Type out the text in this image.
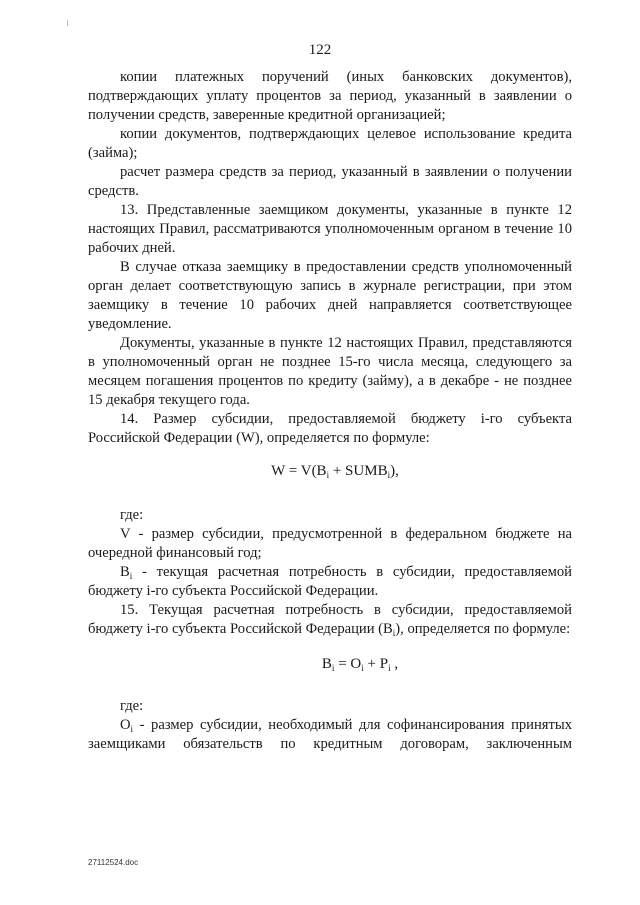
122

копии платежных поручений (иных банковских документов), подтверждающих уплату процентов за период, указанный в заявлении о получении средств, заверенные кредитной организацией;

копии документов, подтверждающих целевое использование кредита (займа);

расчет размера средств за период, указанный в заявлении о получении средств.

13. Представленные заемщиком документы, указанные в пункте 12 настоящих Правил, рассматриваются уполномоченным органом в течение 10 рабочих дней.

В случае отказа заемщику в предоставлении средств уполномоченный орган делает соответствующую запись в журнале регистрации, при этом заемщику в течение 10 рабочих дней направляется соответствующее уведомление.

Документы, указанные в пункте 12 настоящих Правил, представляются в уполномоченный орган не позднее 15-го числа месяца, следующего за месяцем погашения процентов по кредиту (займу), а в декабре - не позднее 15 декабря текущего года.

14. Размер субсидии, предоставляемой бюджету i-го субъекта Российской Федерации (W), определяется по формуле:

$W = V(B_i$ + $SUMB_i$),

где:

V - размер субсидии, предусмотренной в федеральном бюджете на очередной финансовый год;

$B_i$ - текущая расчетная потребность в субсидии, предоставляемой бюджету i-го субъекта Российской Федерации.

15. Текущая расчетная потребность в субсидии, предоставляемой бюджету i-го субъекта Российской Федерации $(B_i)$, определяется по формуле:

$B_i = O_i + P_i$ ,

где:

$O_i$ - размер субсидии, необходимый для софинансирования принятых заемщиками обязательств по кредитным договорам, заключенным

27112524.doc
